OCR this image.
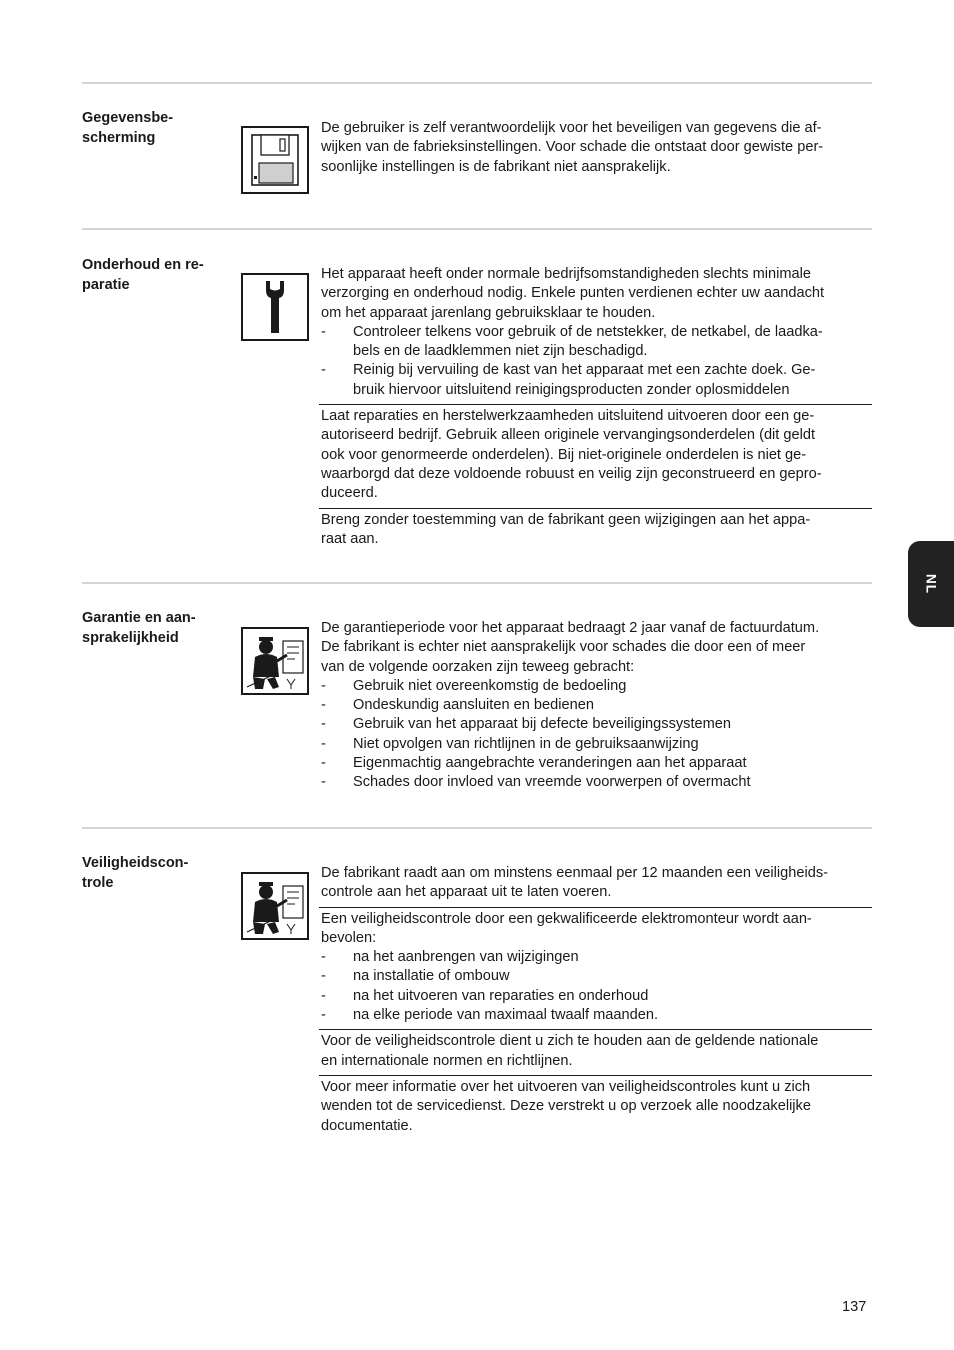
Gegevensbe-
scherming
De gebruiker is zelf verantwoordelijk voor het beveiligen van gegevens die af-
wijken van de fabrieksinstellingen. Voor schade die ontstaat door gewiste per-
soonlijke instellingen is de fabrikant niet aansprakelijk.
Onderhoud en re-
paratie
Het apparaat heeft onder normale bedrijfsomstandigheden slechts minimale
verzorging en onderhoud nodig. Enkele punten verdienen echter uw aandacht
om het apparaat jarenlang gebruiksklaar te houden.
- Controleer telkens voor gebruik of de netstekker, de netkabel, de laadka-
bels en de laadklemmen niet zijn beschadigd.
- Reinig bij vervuiling de kast van het apparaat met een zachte doek. Ge-
bruik hiervoor uitsluitend reinigingsproducten zonder oplosmiddelen
Laat reparaties en herstelwerkzaamheden uitsluitend uitvoeren door een ge-
autoriseerd bedrijf. Gebruik alleen originele vervangingsonderdelen (dit geldt
ook voor genormeerde onderdelen). Bij niet-originele onderdelen is niet ge-
waarborgd dat deze voldoende robuust en veilig zijn geconstrueerd en gepro-
duceerd.
Breng zonder toestemming van de fabrikant geen wijzigingen aan het appa-
raat aan.
Garantie en aan-
sprakelijkheid
De garantieperiode voor het apparaat bedraagt 2 jaar vanaf de factuurdatum.
De fabrikant is echter niet aansprakelijk voor schades die door een of meer
van de volgende oorzaken zijn teweeg gebracht:
- Gebruik niet overeenkomstig de bedoeling
- Ondeskundig aansluiten en bedienen
- Gebruik van het apparaat bij defecte beveiligingssystemen
- Niet opvolgen van richtlijnen in de gebruiksaanwijzing
- Eigenmachtig aangebrachte veranderingen aan het apparaat
- Schades door invloed van vreemde voorwerpen of overmacht
Veiligheidscon-
trole
De fabrikant raadt aan om minstens eenmaal per 12 maanden een veiligheids-
controle aan het apparaat uit te laten voeren.
Een veiligheidscontrole door een gekwalificeerde elektromonteur wordt aan-
bevolen:
- na het aanbrengen van wijzigingen
- na installatie of ombouw
- na het uitvoeren van reparaties en onderhoud
- na elke periode van maximaal twaalf maanden.
Voor de veiligheidscontrole dient u zich te houden aan de geldende nationale
en internationale normen en richtlijnen.
Voor meer informatie over het uitvoeren van veiligheidscontroles kunt u zich
wenden tot de servicedienst. Deze verstrekt u op verzoek alle noodzakelijke
documentatie.
NL
137
